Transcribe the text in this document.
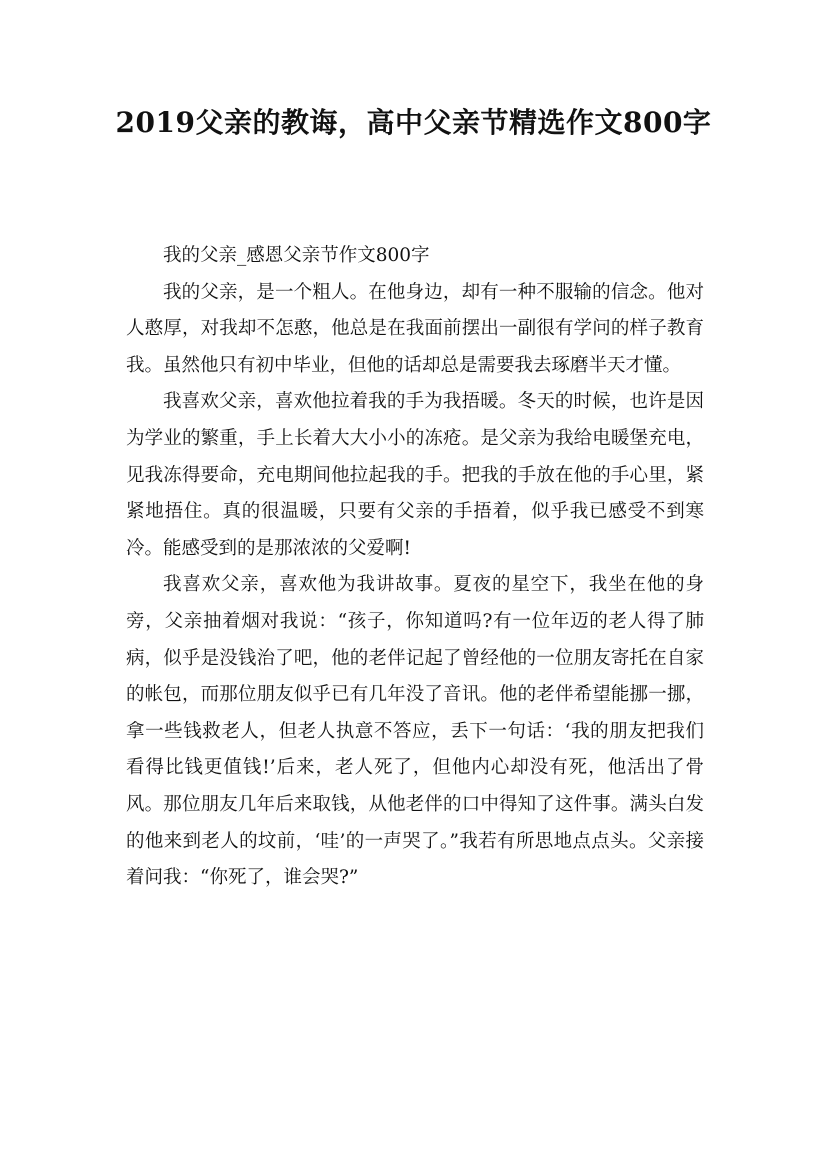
2019父亲的教诲，高中父亲节精选作文800字

我的父亲_感恩父亲节作文800字

我的父亲，是一个粗人。在他身边，却有一种不服输的信念。他对人憨厚，对我却不怎憨，他总是在我面前摆出一副很有学问的样子教育我。虽然他只有初中毕业，但他的话却总是需要我去琢磨半天才懂。

我喜欢父亲，喜欢他拉着我的手为我捂暖。冬天的时候，也许是因为学业的繁重，手上长着大大小小的冻疮。是父亲为我给电暖堡充电，见我冻得要命，充电期间他拉起我的手。把我的手放在他的手心里，紧紧地捂住。真的很温暖，只要有父亲的手捂着，似乎我已感受不到寒冷。能感受到的是那浓浓的父爱啊!

我喜欢父亲，喜欢他为我讲故事。夏夜的星空下，我坐在他的身旁，父亲抽着烟对我说：“孩子，你知道吗?有一位年迈的老人得了肺病，似乎是没钱治了吧，他的老伴记起了曾经他的一位朋友寄托在自家的帐包，而那位朋友似乎已有几年没了音讯。他的老伴希望能挪一挪，拿一些钱救老人，但老人执意不答应，丢下一句话：‘我的朋友把我们看得比钱更值钱!’后来，老人死了，但他内心却没有死，他活出了骨风。那位朋友几年后来取钱，从他老伴的口中得知了这件事。满头白发的他来到老人的坟前，‘哇’的一声哭了。”我若有所思地点点头。父亲接着问我：“你死了，谁会哭?”
